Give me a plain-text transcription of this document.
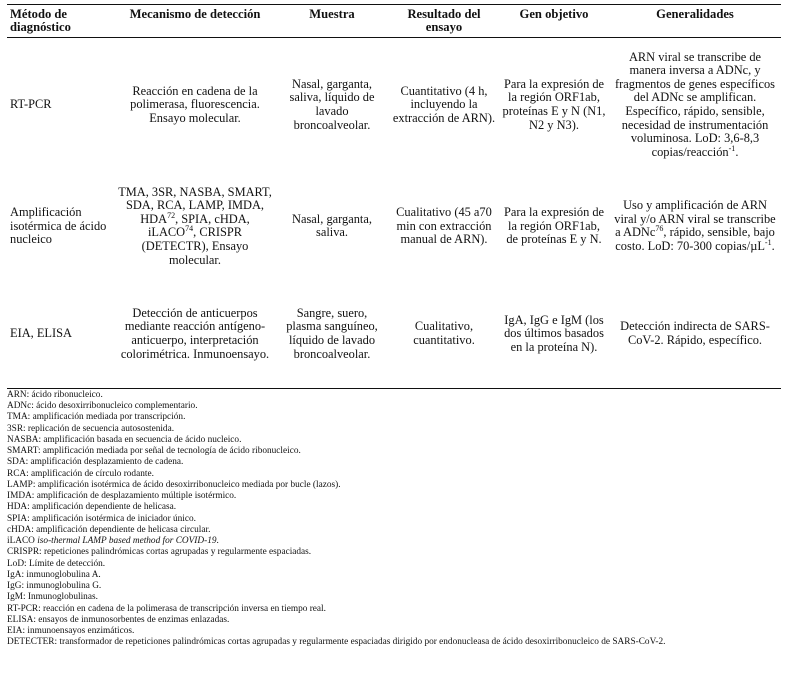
Método de diagnóstico	Mecanismo de detección	Muestra	Resultado del ensayo	Gen objetivo	Generalidades
RT-PCR	Reacción en cadena de la polimerasa, fluorescencia. Ensayo molecular.	Nasal, garganta, saliva, líquido de lavado broncoalveolar.	Cuantitativo (4 h, incluyendo la extracción de ARN).	Para la expresión de la región ORF1ab, proteínas E y N (N1, N2 y N3).	ARN viral se transcribe de manera inversa a ADNc, y fragmentos de genes específicos del ADNc se amplifican. Específico, rápido, sensible, necesidad de instrumentación voluminosa. LoD: 3,6-8,3 copias/reacción$^{-1}$.
Amplificación isotérmica de ácido nucleico	TMA, 3SR, NASBA, SMART, SDA, RCA, LAMP, IMDA, HDA$^{72}$, SPIA, cHDA, iLACO$^{74}$, CRISPR (DETECTR), Ensayo molecular.	Nasal, garganta, saliva.	Cualitativo (45 a70 min con extracción manual de ARN).	Para la expresión de la región ORF1ab, de proteínas E y N.	Uso y amplificación de ARN viral y/o ARN viral se transcribe a ADNc$^{76}$, rápido, sensible, bajo costo. LoD: 70-300 copias/µL$^{-1}$.
EIA, ELISA	Detección de anticuerpos mediante reacción antígeno-anticuerpo, interpretación colorimétrica. Inmunoensayo.	Sangre, suero, plasma sanguíneo, líquido de lavado broncoalveolar.	Cualitativo, cuantitativo.	IgA, IgG e IgM (los dos últimos basados en la proteína N).	Detección indirecta de SARS-CoV-2. Rápido, específico.
ARN: ácido ribonucleico.
ADNc: ácido desoxirribonucleico complementario.
TMA: amplificación mediada por transcripción.
3SR: replicación de secuencia autosostenida.
NASBA: amplificación basada en secuencia de ácido nucleico.
SMART: amplificación mediada por señal de tecnología de ácido ribonucleico.
SDA: amplificación desplazamiento de cadena.
RCA: amplificación de círculo rodante.
LAMP: amplificación isotérmica de ácido desoxirribonucleico mediada por bucle (lazos).
IMDA: amplificación de desplazamiento múltiple isotérmico.
HDA: amplificación dependiente de helicasa.
SPIA: amplificación isotérmica de iniciador único.
cHDA: amplificación dependiente de helicasa circular.
iLACO iso-thermal LAMP based method for COVID-19.
CRISPR: repeticiones palindrómicas cortas agrupadas y regularmente espaciadas.
LoD: Límite de detección.
IgA: inmunoglobulina A.
IgG: inmunoglobulina G.
IgM: Inmunoglobulinas.
RT-PCR: reacción en cadena de la polimerasa de transcripción inversa en tiempo real.
ELISA: ensayos de inmunosorbentes de enzimas enlazadas.
EIA: inmunoensayos enzimáticos.
DETECTER: transformador de repeticiones palindrómicas cortas agrupadas y regularmente espaciadas dirigido por endonucleasa de ácido desoxirribonucleico de SARS-CoV-2.
